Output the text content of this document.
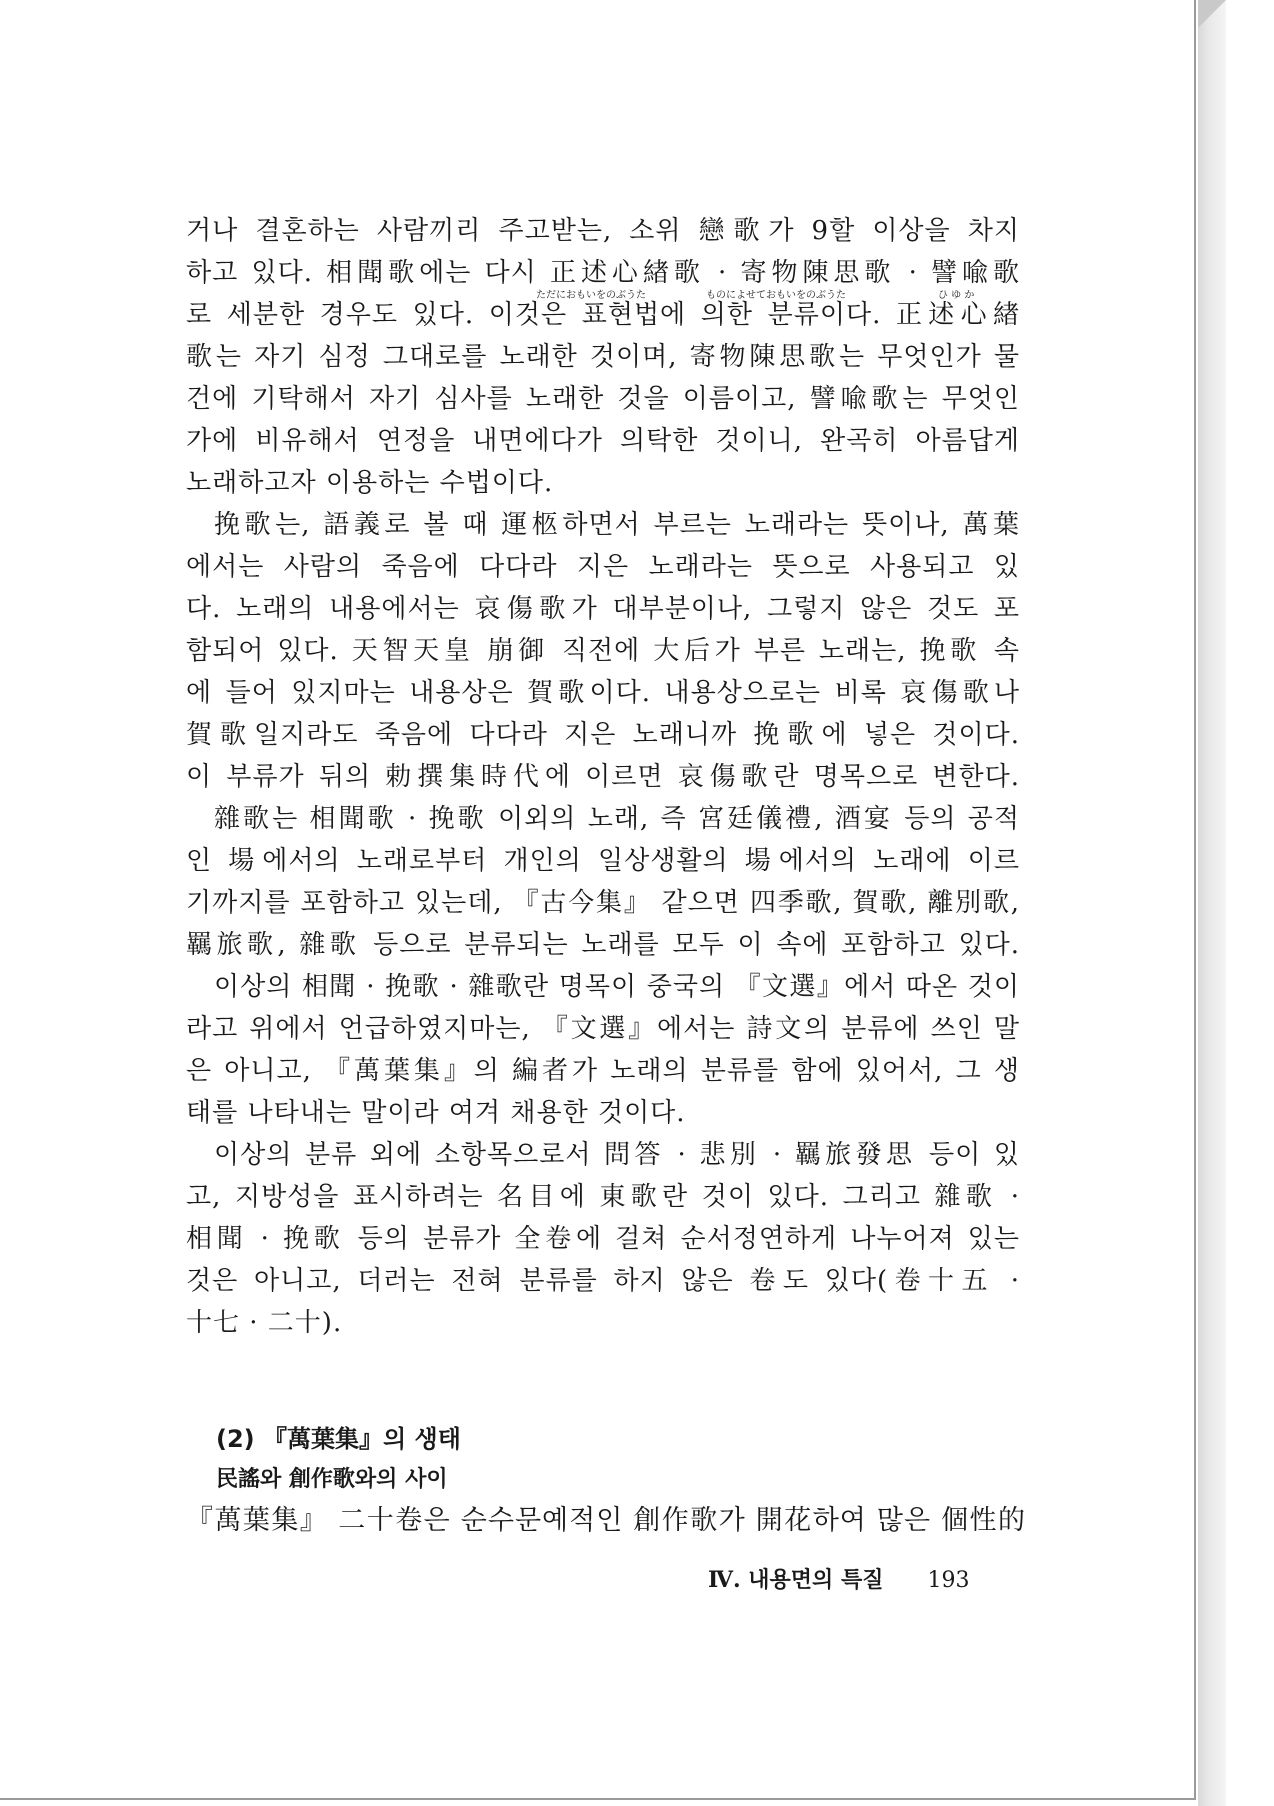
거나 결혼하는 사람끼리 주고받는, 소위 戀歌가 9할 이상을 차지
하고 있다. 相聞歌에는 다시 正述心緖歌 · 寄物陳思歌 · 譬喩歌
ただにおもいをのぶうた	ものによせておもいをのぶうた	ひ ゆ か
로 세분한 경우도 있다. 이것은 표현법에 의한 분류이다. 正述心緖
歌는 자기 심정 그대로를 노래한 것이며, 寄物陳思歌는 무엇인가 물
건에 기탁해서 자기 심사를 노래한 것을 이름이고, 譬喩歌는 무엇인
가에 비유해서 연정을 내면에다가 의탁한 것이니, 완곡히 아름답게
노래하고자 이용하는 수법이다.
挽歌는, 語義로 볼 때 運柩하면서 부르는 노래라는 뜻이나, 萬葉
에서는 사람의 죽음에 다다라 지은 노래라는 뜻으로 사용되고 있
다. 노래의 내용에서는 哀傷歌가 대부분이나, 그렇지 않은 것도 포
함되어 있다. 天智天皇 崩御 직전에 大后가 부른 노래는, 挽歌 속
에 들어 있지마는 내용상은 賀歌이다. 내용상으로는 비록 哀傷歌나
賀歌일지라도 죽음에 다다라 지은 노래니까 挽歌에 넣은 것이다.
이 부류가 뒤의 勅撰集時代에 이르면 哀傷歌란 명목으로 변한다.
雜歌는 相聞歌 · 挽歌 이외의 노래, 즉 宮廷儀禮, 酒宴 등의 공적
인 場에서의 노래로부터 개인의 일상생활의 場에서의 노래에 이르
기까지를 포함하고 있는데, 『古今集』 같으면 四季歌, 賀歌, 離別歌,
羈旅歌, 雜歌 등으로 분류되는 노래를 모두 이 속에 포함하고 있다.
이상의 相聞 · 挽歌 · 雜歌란 명목이 중국의 『文選』에서 따온 것이
라고 위에서 언급하였지마는, 『文選』에서는 詩文의 분류에 쓰인 말
은 아니고, 『萬葉集』의 編者가 노래의 분류를 함에 있어서, 그 생
태를 나타내는 말이라 여겨 채용한 것이다.
이상의 분류 외에 소항목으로서 問答 · 悲別 · 羈旅發思 등이 있
고, 지방성을 표시하려는 名目에 東歌란 것이 있다. 그리고 雜歌 ·
相聞 · 挽歌 등의 분류가 全卷에 걸쳐 순서정연하게 나누어져 있는
것은 아니고, 더러는 전혀 분류를 하지 않은 卷도 있다(卷十五 ·
十七 · 二十).
(2) 『萬葉集』의 생태
民謠와 創作歌와의 사이
『萬葉集』 二十卷은 순수문예적인 創作歌가 開花하여 많은 個性的
Ⅳ. 내용면의 특질 193
